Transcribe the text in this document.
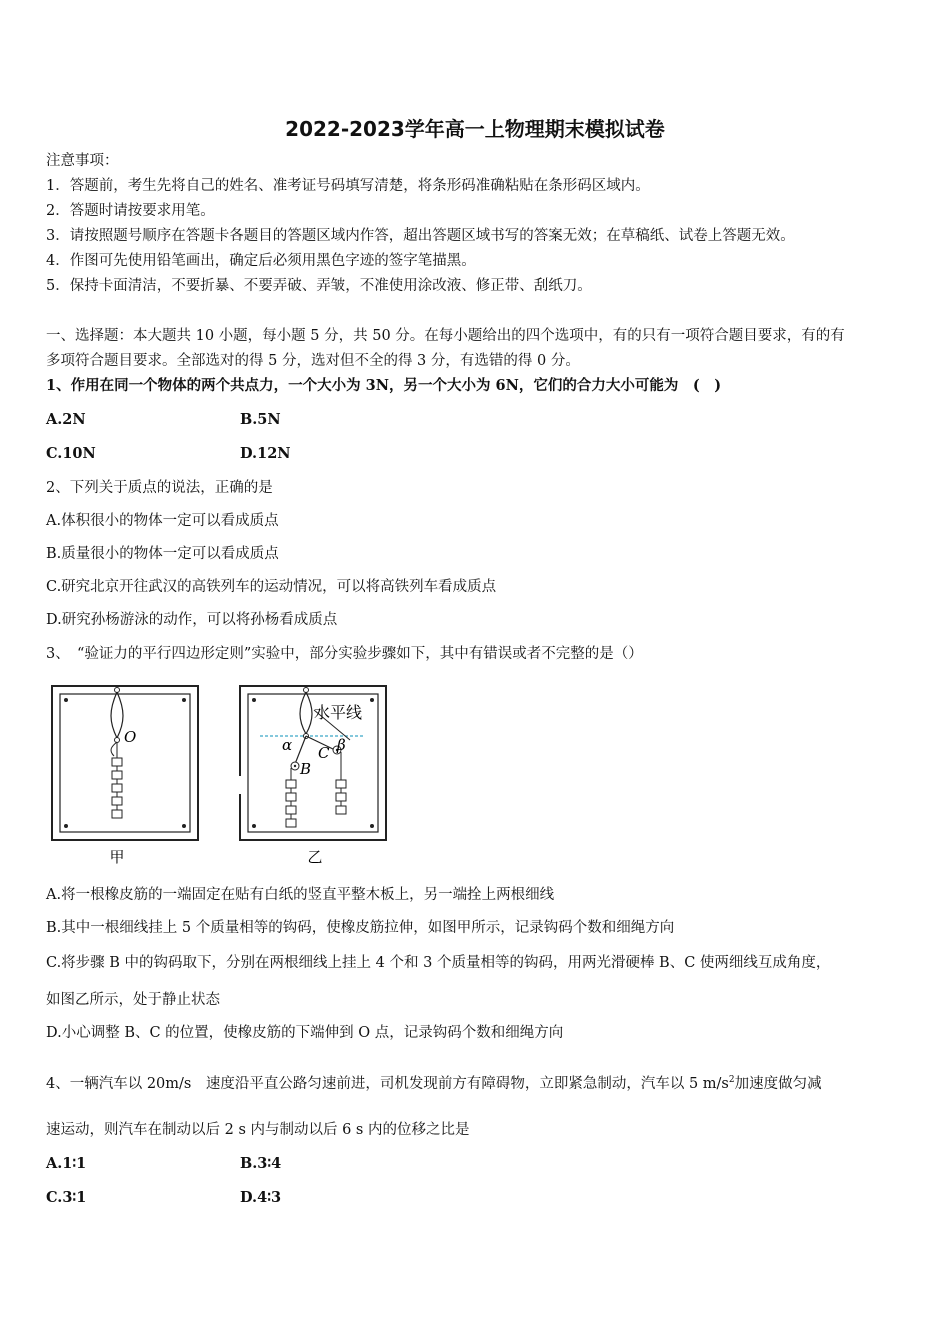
2022-2023学年高一上物理期末模拟试卷
注意事项：
1．答题前，考生先将自己的姓名、准考证号码填写清楚，将条形码准确粘贴在条形码区域内。
2．答题时请按要求用笔。
3．请按照题号顺序在答题卡各题目的答题区域内作答，超出答题区域书写的答案无效；在草稿纸、试卷上答题无效。
4．作图可先使用铅笔画出，确定后必须用黑色字迹的签字笔描黑。
5．保持卡面清洁，不要折暴、不要弄破、弄皱，不准使用涂改液、修正带、刮纸刀。
一、选择题：本大题共 10 小题，每小题 5 分，共 50 分。在每小题给出的四个选项中，有的只有一项符合题目要求，有的有
多项符合题目要求。全部选对的得 5 分，选对但不全的得 3 分，有选错的得 0 分。
1、作用在同一个物体的两个共点力，一个大小为 3N，另一个大小为 6N，它们的合力大小可能为　(　)
A.2N	B.5N
C.10N	D.12N
2、下列关于质点的说法，正确的是
A.体积很小的物体一定可以看成质点
B.质量很小的物体一定可以看成质点
C.研究北京开往武汉的高铁列车的运动情况，可以将高铁列车看成质点
D.研究孙杨游泳的动作，可以将孙杨看成质点
3、　“验证力的平行四边形定则”实验中，部分实验步骤如下，其中有错误或者不完整的是（）
O
甲
水平线
α	β
B
C
乙
A.将一根橡皮筋的一端固定在贴有白纸的竖直平整木板上，另一端拴上两根细线
B.其中一根细线挂上 5 个质量相等的钩码，使橡皮筋拉伸，如图甲所示，记录钩码个数和细绳方向
C.将步骤 B 中的钩码取下，分别在两根细线上挂上 4 个和 3 个质量相等的钩码，用两光滑硬棒 B、C 使两细线互成角度，
如图乙所示，处于静止状态
D.小心调整 B、C 的位置，使橡皮筋的下端伸到 O 点，记录钩码个数和细绳方向
4、一辆汽车以 20m/s　速度沿平直公路匀速前进，司机发现前方有障碍物，立即紧急制动，汽车以 5 $m/s^2$加速度做匀减
速运动，则汽车在制动以后 2 s 内与制动以后 6 s 内的位移之比是
A.1∶1	B.3∶4
C.3∶1	D.4∶3
